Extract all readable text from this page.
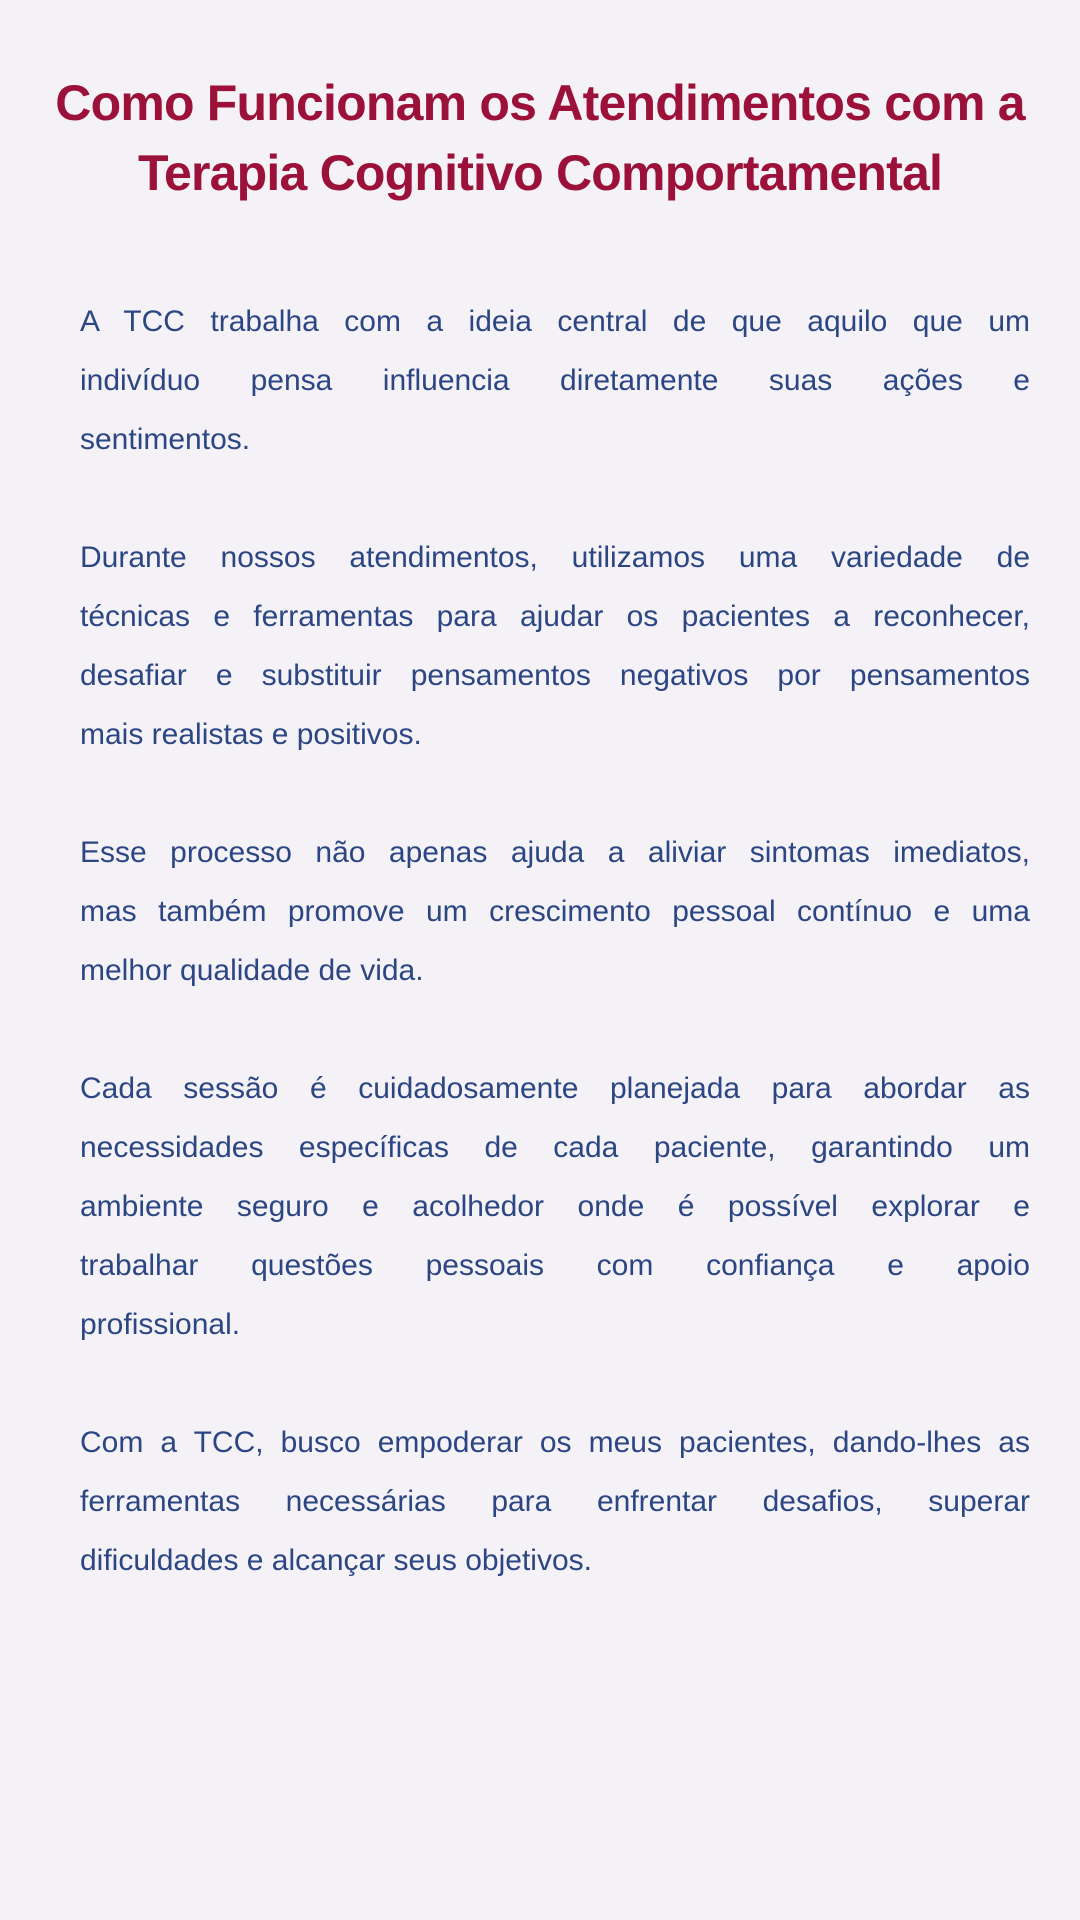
Como Funcionam os Atendimentos com a
Terapia Cognitivo Comportamental

A TCC trabalha com a ideia central de que aquilo que um
indivíduo pensa influencia diretamente suas ações e
sentimentos.

Durante nossos atendimentos, utilizamos uma variedade de
técnicas e ferramentas para ajudar os pacientes a reconhecer,
desafiar e substituir pensamentos negativos por pensamentos
mais realistas e positivos.

Esse processo não apenas ajuda a aliviar sintomas imediatos,
mas também promove um crescimento pessoal contínuo e uma
melhor qualidade de vida.

Cada sessão é cuidadosamente planejada para abordar as
necessidades específicas de cada paciente, garantindo um
ambiente seguro e acolhedor onde é possível explorar e
trabalhar questões pessoais com confiança e apoio
profissional.

Com a TCC, busco empoderar os meus pacientes, dando-lhes as
ferramentas necessárias para enfrentar desafios, superar
dificuldades e alcançar seus objetivos.
